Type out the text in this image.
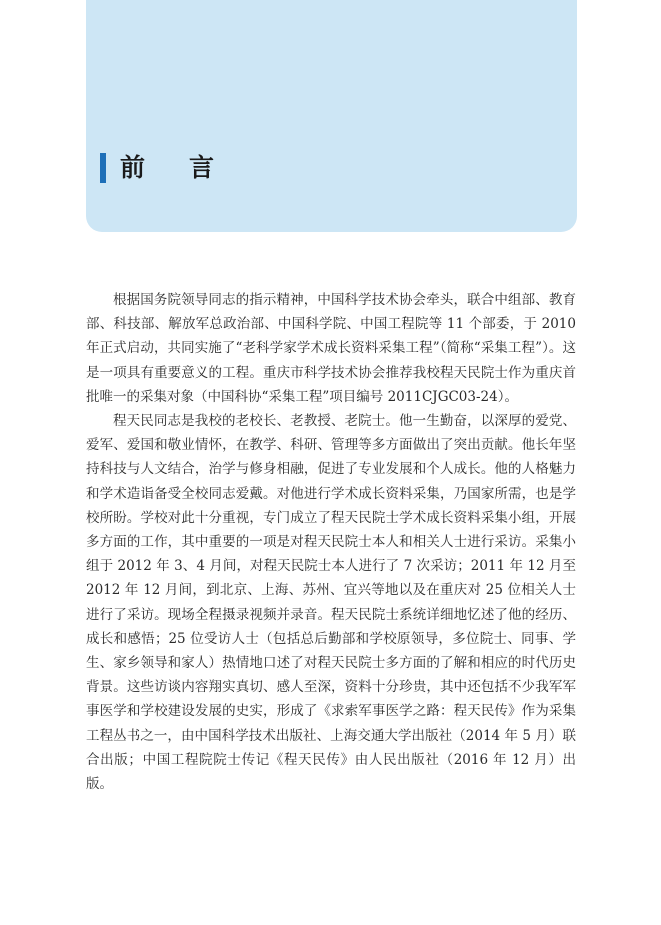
前言

根据国务院领导同志的指示精神，中国科学技术协会牵头，联合中组部、教育部、科技部、解放军总政治部、中国科学院、中国工程院等 11 个部委，于 2010 年正式启动，共同实施了“老科学家学术成长资料采集工程”（简称“采集工程”）。这是一项具有重要意义的工程。重庆市科学技术协会推荐我校程天民院士作为重庆首批唯一的采集对象（中国科协“采集工程”项目编号 2011CJGC03-24）。

程天民同志是我校的老校长、老教授、老院士。他一生勤奋，以深厚的爱党、爱军、爱国和敬业情怀，在教学、科研、管理等多方面做出了突出贡献。他长年坚持科技与人文结合，治学与修身相融，促进了专业发展和个人成长。他的人格魅力和学术造诣备受全校同志爱戴。对他进行学术成长资料采集，乃国家所需，也是学校所盼。学校对此十分重视，专门成立了程天民院士学术成长资料采集小组，开展多方面的工作，其中重要的一项是对程天民院士本人和相关人士进行采访。采集小组于 2012 年 3、4 月间，对程天民院士本人进行了 7 次采访；2011 年 12 月至 2012 年 12 月间，到北京、上海、苏州、宜兴等地以及在重庆对 25 位相关人士进行了采访。现场全程摄录视频并录音。程天民院士系统详细地忆述了他的经历、成长和感悟；25 位受访人士（包括总后勤部和学校原领导，多位院士、同事、学生、家乡领导和家人）热情地口述了对程天民院士多方面的了解和相应的时代历史背景。这些访谈内容翔实真切、感人至深，资料十分珍贵，其中还包括不少我军军事医学和学校建设发展的史实，形成了《求索军事医学之路：程天民传》作为采集工程丛书之一，由中国科学技术出版社、上海交通大学出版社（2014 年 5 月）联合出版；中国工程院院士传记《程天民传》由人民出版社（2016 年 12 月）出版。
